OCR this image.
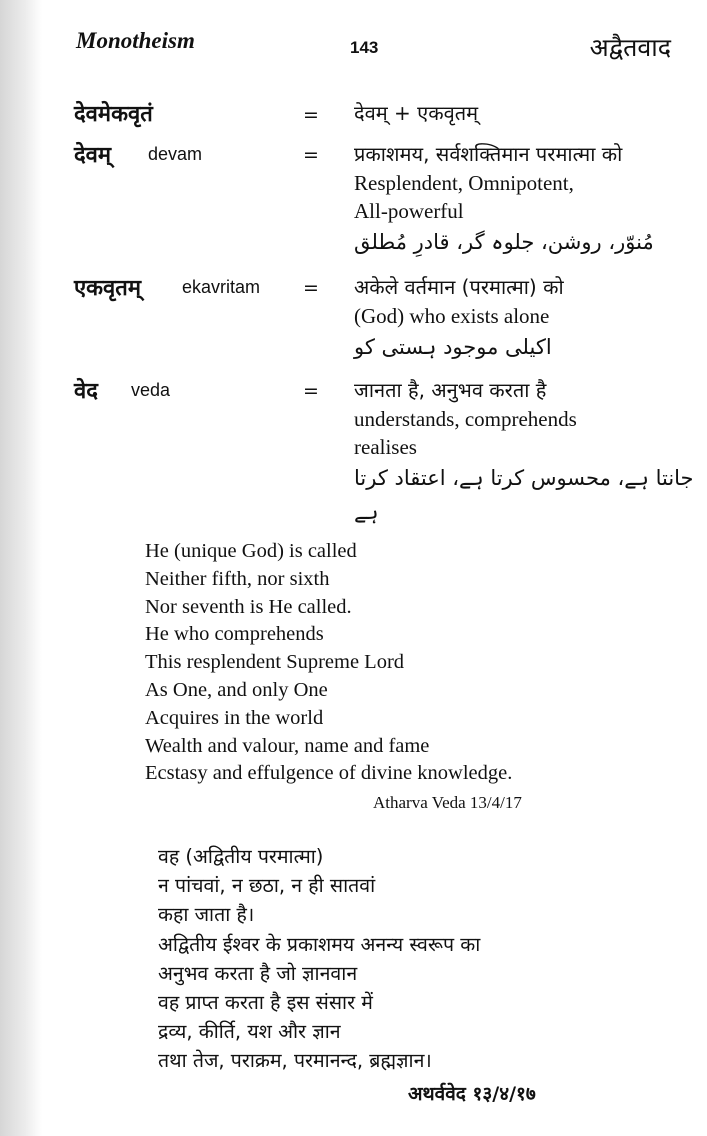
Monotheism	143	अद्वैतवाद
देवमेकवृतं	= देवम् + एकवृतम्
देवम् devam	= प्रकाशमय, सर्वशक्तिमान परमात्मा को
Resplendent, Omnipotent,
All-powerful
مُنوّر، روشن، جلوہ گر، قادرِ مُطلق
एकवृतम् ekavritam = अकेले वर्तमान (परमात्मा) को
(God) who exists alone
اکیلی موجود ہستی کو
वेद veda	= जानता है, अनुभव करता है
understands, comprehends
realises
جانتا ہے، محسوس کرتا ہے، اعتقاد کرتا ہے
He (unique God) is called
Neither fifth, nor sixth
Nor seventh is He called.
He who comprehends
This resplendent Supreme Lord
As One, and only One
Acquires in the world
Wealth and valour, name and fame
Ecstasy and effulgence of divine knowledge.
Atharva Veda 13/4/17
वह (अद्वितीय परमात्मा)
न पांचवां, न छठा, न ही सातवां
कहा जाता है।
अद्वितीय ईश्वर के प्रकाशमय अनन्य स्वरूप का
अनुभव करता है जो ज्ञानवान
वह प्राप्त करता है इस संसार में
द्रव्य, कीर्ति, यश और ज्ञान
तथा तेज, पराक्रम, परमानन्द, ब्रह्मज्ञान।
अथर्ववेद १३/४/१७
